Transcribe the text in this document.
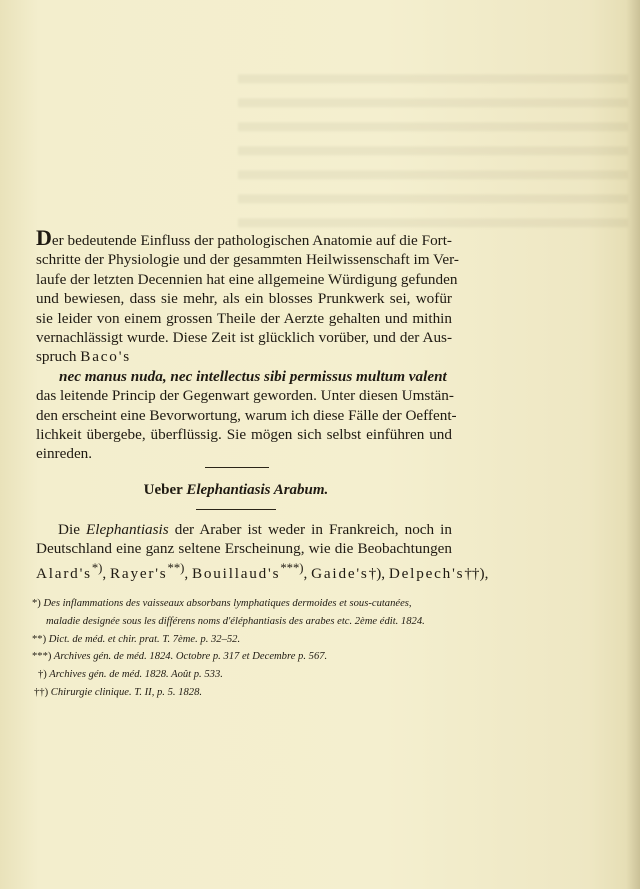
Der bedeutende Einfluss der pathologischen Anatomie auf die Fort-
schritte der Physiologie und der gesammten Heilwissenschaft im Ver-
laufe der letzten Decennien hat eine allgemeine Würdigung gefunden
und bewiesen, dass sie mehr, als ein blosses Prunkwerk sei, wofür
sie leider von einem grossen Theile der Aerzte gehalten und mithin
vernachlässigt wurde. Diese Zeit ist glücklich vorüber, und der Aus-
spruch Baco's
nec manus nuda, nec intellectus sibi permissus multum valent
das leitende Princip der Gegenwart geworden. Unter diesen Umstän-
den erscheint eine Bevorwortung, warum ich diese Fälle der Oeffent-
lichkeit übergebe, überflüssig. Sie mögen sich selbst einführen und
einreden.
Ueber Elephantiasis Arabum.
Die Elephantiasis der Araber ist weder in Frankreich, noch in
Deutschland eine ganz seltene Erscheinung, wie die Beobachtungen
Alard's*), Rayer's**), Bouillaud's***), Gaide's†), Delpech's††),
*) Des inflammations des vaisseaux absorbans lymphatiques dermoides et sous-cutanées,
maladie designée sous les différens noms d'éléphantiasis des arabes etc. 2ème édit. 1824.
**) Dict. de méd. et chir. prat. T. 7ème. p. 32–52.
***) Archives gén. de méd. 1824. Octobre p. 317 et Decembre p. 567.
†) Archives gén. de méd. 1828. Août p. 533.
††) Chirurgie clinique. T. II, p. 5. 1828.
